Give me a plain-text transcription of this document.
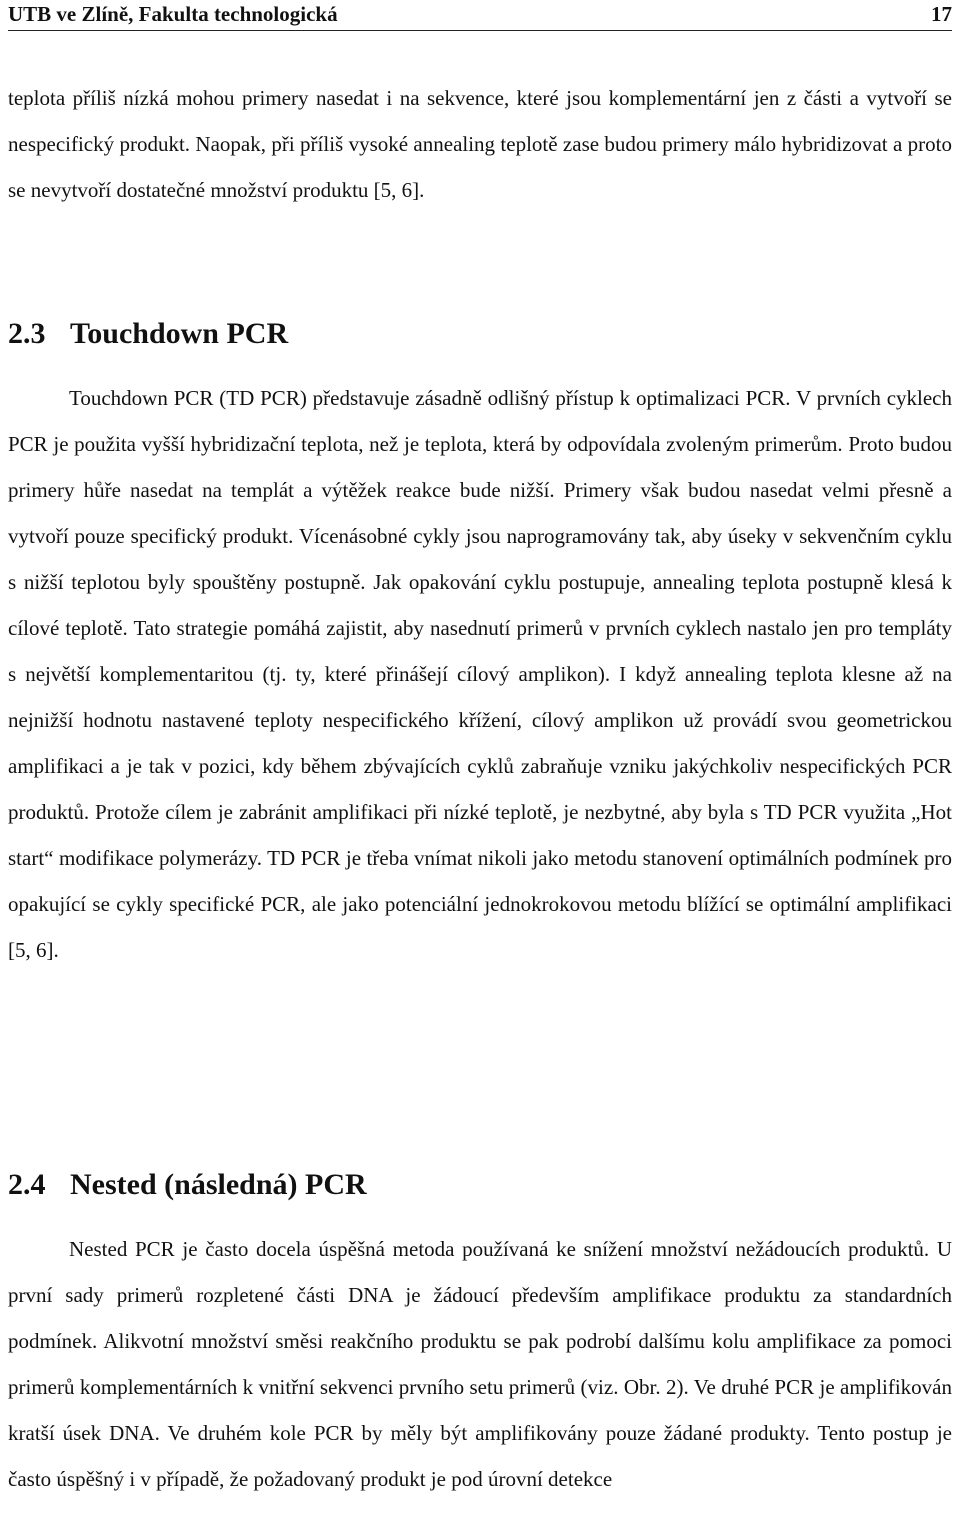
UTB ve Zlíně, Fakulta technologická	17

teplota příliš nízká mohou primery nasedat i na sekvence, které jsou komplementární jen z části a vytvoří se nespecifický produkt. Naopak, při příliš vysoké annealing teplotě zase budou primery málo hybridizovat a proto se nevytvoří dostatečné množství produktu [5, 6].

2.3 Touchdown PCR

Touchdown PCR (TD PCR) představuje zásadně odlišný přístup k optimalizaci PCR. V prvních cyklech PCR je použita vyšší hybridizační teplota, než je teplota, která by odpovídala zvoleným primerům. Proto budou primery hůře nasedat na templát a výtěžek reakce bude nižší. Primery však budou nasedat velmi přesně a vytvoří pouze specifický produkt. Vícenásobné cykly jsou naprogramovány tak, aby úseky v sekvenčním cyklu s nižší teplotou byly spouštěny postupně. Jak opakování cyklu postupuje, annealing teplota postupně klesá k cílové teplotě. Tato strategie pomáhá zajistit, aby nasednutí primerů v prvních cyklech nastalo jen pro templáty s největší komplementaritou (tj. ty, které přinášejí cílový amplikon). I když annealing teplota klesne až na nejnižší hodnotu nastavené teploty nespecifického křížení, cílový amplikon už provádí svou geometrickou amplifikaci a je tak v pozici, kdy během zbývajících cyklů zabraňuje vzniku jakýchkoliv nespecifických PCR produktů. Protože cílem je zabránit amplifikaci při nízké teplotě, je nezbytné, aby byla s TD PCR využita „Hot start“ modifikace polymerázy. TD PCR je třeba vnímat nikoli jako metodu stanovení optimálních podmínek pro opakující se cykly specifické PCR, ale jako potenciální jednokrokovou metodu blížící se optimální amplifikaci [5, 6].

2.4 Nested (následná) PCR

Nested PCR je často docela úspěšná metoda používaná ke snížení množství nežádoucích produktů. U první sady primerů rozpletené části DNA je žádoucí především amplifikace produktu za standardních podmínek. Alikvotní množství směsi reakčního produktu se pak podrobí dalšímu kolu amplifikace za pomoci primerů komplementárních k vnitřní sekvenci prvního setu primerů (viz. Obr. 2). Ve druhé PCR je amplifikován kratší úsek DNA. Ve druhém kole PCR by měly být amplifikovány pouze žádané produkty. Tento postup je často úspěšný i v případě, že požadovaný produkt je pod úrovní detekce
